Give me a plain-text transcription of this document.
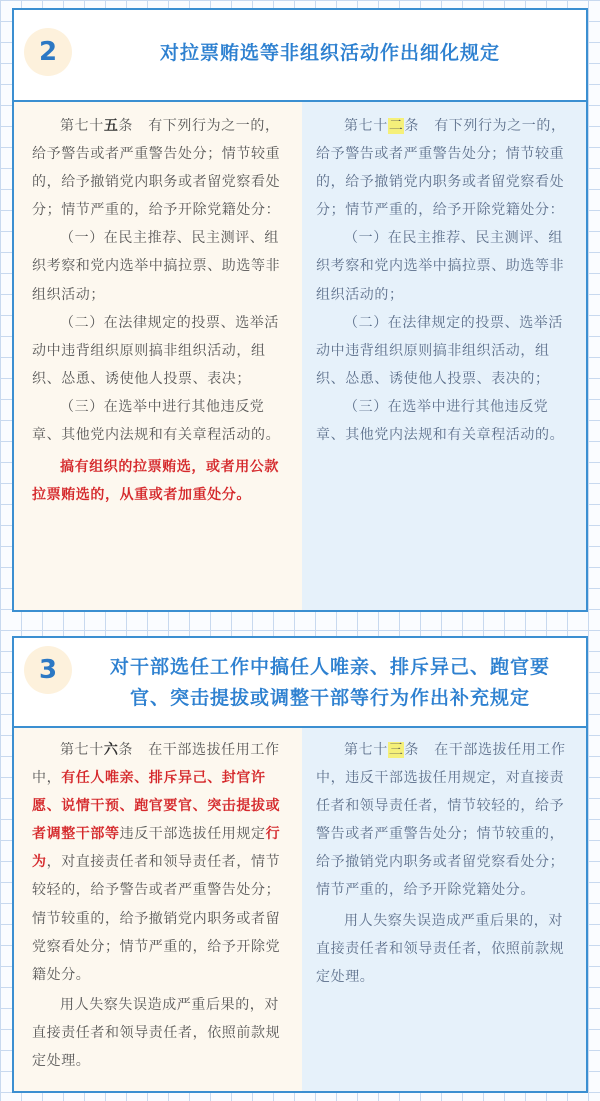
2	对拉票贿选等非组织活动作出细化规定

第七十五条 有下列行为之一的，给予警告或者严重警告处分；情节较重的，给予撤销党内职务或者留党察看处分；情节严重的，给予开除党籍处分：

（一）在民主推荐、民主测评、组织考察和党内选举中搞拉票、助选等非组织活动；

（二）在法律规定的投票、选举活动中违背组织原则搞非组织活动，组织、怂恿、诱使他人投票、表决；

（三）在选举中进行其他违反党章、其他党内法规和有关章程活动的。

搞有组织的拉票贿选，或者用公款拉票贿选的，从重或者加重处分。

第七十二条 有下列行为之一的，给予警告或者严重警告处分；情节较重的，给予撤销党内职务或者留党察看处分；情节严重的，给予开除党籍处分：

（一）在民主推荐、民主测评、组织考察和党内选举中搞拉票、助选等非组织活动的；

（二）在法律规定的投票、选举活动中违背组织原则搞非组织活动，组织、怂恿、诱使他人投票、表决的；

（三）在选举中进行其他违反党章、其他党内法规和有关章程活动的。

3	对干部选任工作中搞任人唯亲、排斥异己、跑官要
官、突击提拔或调整干部等行为作出补充规定

第七十六条 在干部选拔任用工作中，有任人唯亲、排斥异己、封官许愿、说情干预、跑官要官、突击提拔或者调整干部等违反干部选拔任用规定行为，对直接责任者和领导责任者，情节较轻的，给予警告或者严重警告处分；情节较重的，给予撤销党内职务或者留党察看处分；情节严重的，给予开除党籍处分。

用人失察失误造成严重后果的，对直接责任者和领导责任者，依照前款规定处理。

第七十三条 在干部选拔任用工作中，违反干部选拔任用规定，对直接责任者和领导责任者，情节较轻的，给予警告或者严重警告处分；情节较重的，给予撤销党内职务或者留党察看处分；情节严重的，给予开除党籍处分。

用人失察失误造成严重后果的，对直接责任者和领导责任者，依照前款规定处理。
